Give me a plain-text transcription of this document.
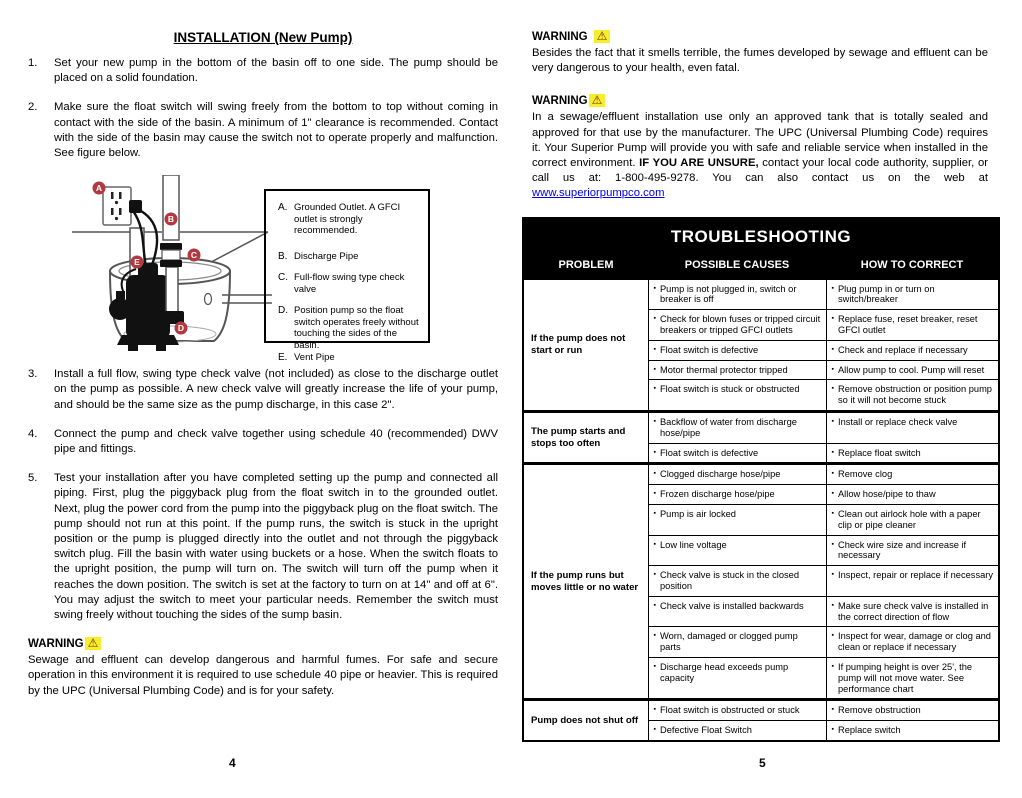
INSTALLATION (New Pump)
1.	Set your new pump in the bottom of the basin off to one side. The pump should be placed on a solid foundation.
2.	Make sure the float switch will swing freely from the bottom to top without coming in contact with the side of the basin. A minimum of 1" clearance is recommended. Contact with the side of the basin may cause the switch not to operate properly and malfunction. See figure below.
A
B
C
D
E
A. Grounded Outlet. A GFCI outlet is strongly recommended.
B. Discharge Pipe
C. Full-flow swing type check valve
D. Position pump so the float switch operates freely without touching the sides of the basin.
E. Vent Pipe
3.	Install a full flow, swing type check valve (not included) as close to the discharge outlet on the pump as possible. A new check valve will greatly increase the life of your pump, and should be the same size as the pump discharge, in this case 2".
4.	Connect the pump and check valve together using schedule 40 (recommended) DWV pipe and fittings.
5.	Test your installation after you have completed setting up the pump and connected all piping. First, plug the piggyback plug from the float switch in to the grounded outlet. Next, plug the power cord from the pump into the piggyback plug on the float switch. The pump should not run at this point. If the pump runs, the switch is stuck in the upright position or the pump is plugged directly into the outlet and not through the piggyback switch plug. Fill the basin with water using buckets or a hose. When the switch floats to the upright position, the pump will turn on. The switch will turn off the pump when it reaches the down position. The switch is set at the factory to turn on at 14" and off at 6". You may adjust the switch to meet your particular needs. Remember the switch must swing freely without touching the sides of the sump basin.
WARNING ⚠
Sewage and effluent can develop dangerous and harmful fumes. For safe and secure operation in this environment it is required to use schedule 40 pipe or heavier. This is required by the UPC (Universal Plumbing Code) and is for your safety.
WARNING ⚠
Besides the fact that it smells terrible, the fumes developed by sewage and effluent can be very dangerous to your health, even fatal.
WARNING ⚠
In a sewage/effluent installation use only an approved tank that is totally sealed and approved for that use by the manufacturer. The UPC (Universal Plumbing Code) requires it. Your Superior Pump will provide you with safe and reliable service when installed in the correct environment. IF YOU ARE UNSURE, contact your local code authority, supplier, or call us at: 1-800-495-9278. You can also contact us on the web at www.superiorpumpco.com
TROUBLESHOOTING		
PROBLEM	POSSIBLE CAUSES	HOW TO CORRECT
If the pump does not start or run	▪ Pump is not plugged in, switch or breaker is off	▪ Plug pump in or turn on switch/breaker

	▪ Check for blown fuses or tripped circuit breakers or tripped GFCI outlets	▪ Replace fuse, reset breaker, reset GFCI outlet

	▪ Float switch is defective	▪ Check and replace if necessary

	▪ Motor thermal protector tripped	▪ Allow pump to cool. Pump will reset

	▪ Float switch is stuck or obstructed	▪ Remove obstruction or position pump so it will not become stuck

The pump starts and stops too often	▪ Backflow of water from discharge hose/pipe	▪ Install or replace check valve

	▪ Float switch is defective	▪ Replace float switch

If the pump runs but moves little or no water	▪ Clogged discharge hose/pipe	▪ Remove clog

	▪ Frozen discharge hose/pipe	▪ Allow hose/pipe to thaw

	▪ Pump is air locked	▪ Clean out airlock hole with a paper clip or pipe cleaner

	▪ Low line voltage	▪ Check wire size and increase if necessary

	▪ Check valve is stuck in the closed position	▪ Inspect, repair or replace if necessary

	▪ Check valve is installed backwards	▪ Make sure check valve is installed in the correct direction of flow

	▪ Worn, damaged or clogged pump parts	▪ Inspect for wear, damage or clog and clean or replace if necessary

	▪ Discharge head exceeds pump capacity	▪ If pumping height is over 25', the pump will not move water. See performance chart

Pump does not shut off	▪ Float switch is obstructed or stuck	▪ Remove obstruction

	▪ Defective Float Switch	▪ Replace switch
4	5
